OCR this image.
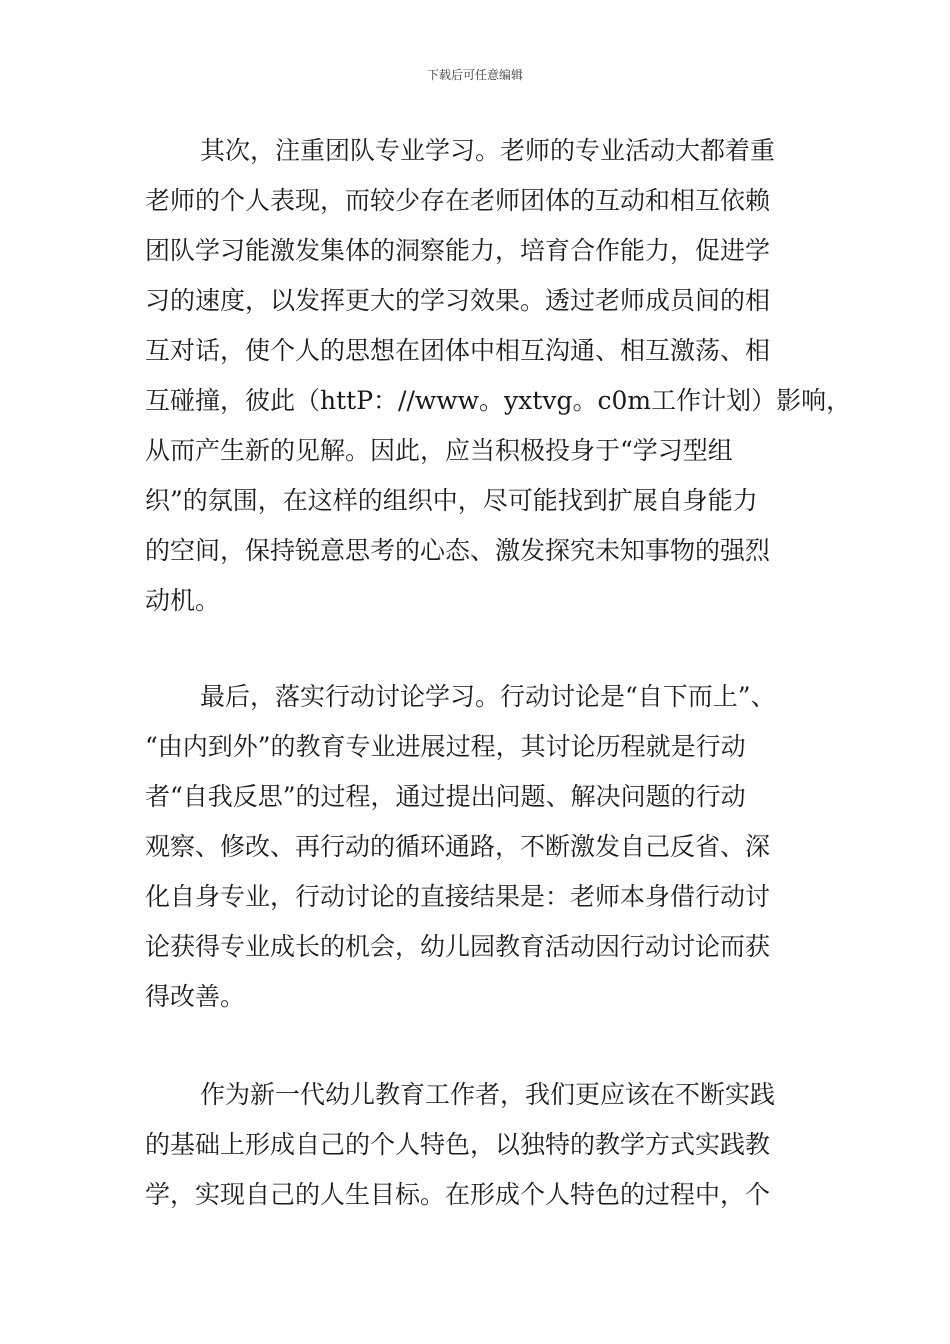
下载后可任意编辑
其次，注重团队专业学习。老师的专业活动大都着重
老师的个人表现，而较少存在老师团体的互动和相互依赖
团队学习能激发集体的洞察能力，培育合作能力，促进学
习的速度，以发挥更大的学习效果。透过老师成员间的相
互对话，使个人的思想在团体中相互沟通、相互激荡、相
互碰撞，彼此（httP：//www。yxtvg。c0m工作计划）影响，
从而产生新的见解。因此，应当积极投身于“学习型组
织”的氛围，在这样的组织中，尽可能找到扩展自身能力
的空间，保持锐意思考的心态、激发探究未知事物的强烈
动机。
最后，落实行动讨论学习。行动讨论是“自下而上”、
“由内到外”的教育专业进展过程，其讨论历程就是行动
者“自我反思”的过程，通过提出问题、解决问题的行动
观察、修改、再行动的循环通路，不断激发自己反省、深
化自身专业，行动讨论的直接结果是：老师本身借行动讨
论获得专业成长的机会，幼儿园教育活动因行动讨论而获
得改善。
作为新一代幼儿教育工作者，我们更应该在不断实践
的基础上形成自己的个人特色，以独特的教学方式实践教
学，实现自己的人生目标。在形成个人特色的过程中，个
